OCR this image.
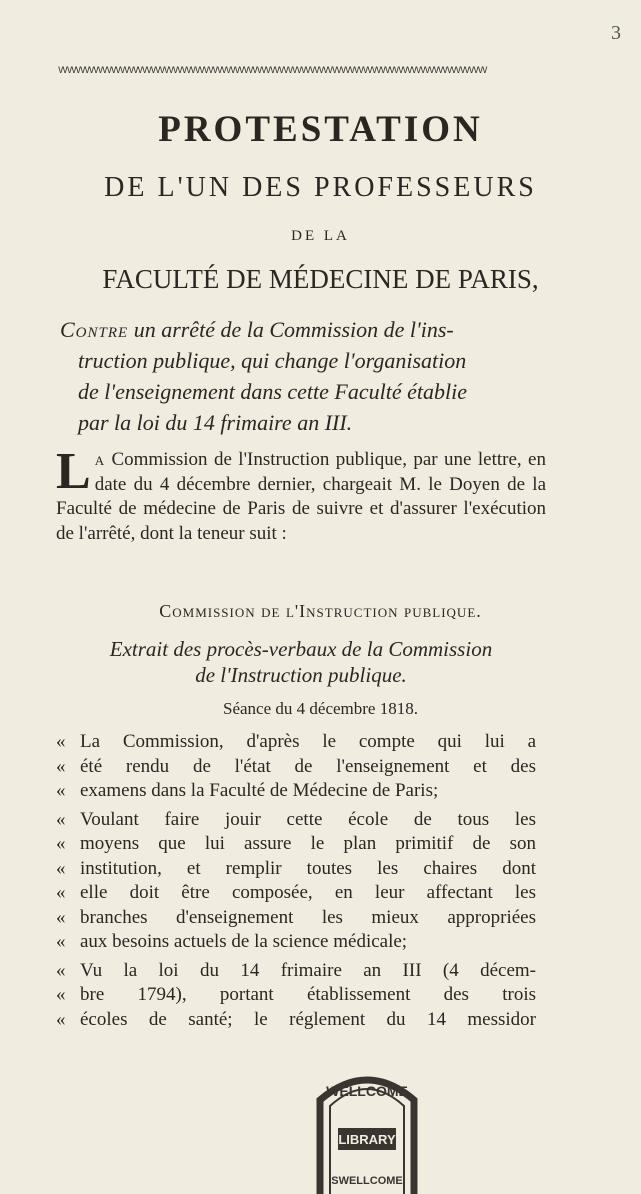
3
VVVVVVVVVVVVVVVVVVVVVVVVVVVVVVVVVVVVVVVVVVVVVVVVVVVVVVVVVVVVVVVVVVVVVVVVVVVVVVVVVVVVVVVVVVVVVVVVV
PROTESTATION
DE L'UN DES PROFESSEURS
DE LA
FACULTÉ DE MÉDECINE DE PARIS,
Contre un arrêté de la Commission de l'ins-
truction publique, qui change l'organisation
de l'enseignement dans cette Faculté établie
par la loi du 14 frimaire an III.
L a Commission de l'Instruction publique, par une lettre, en date du 4 décembre dernier, chargeait M. le Doyen de la Faculté de médecine de Paris de suivre et d'assurer l'exécution de l'arrêté, dont la teneur suit :
Commission de l'Instruction publique.
Extrait des procès-verbaux de la Commission
de l'Instruction publique.
Séance du 4 décembre 1818.
« La Commission, d'après le compte qui lui a
« été rendu de l'état de l'enseignement et des
« examens dans la Faculté de Médecine de Paris;
« Voulant faire jouir cette école de tous les
« moyens que lui assure le plan primitif de son
« institution, et remplir toutes les chaires dont
« elle doit être composée, en leur affectant les
« branches d'enseignement les mieux appropriées
« aux besoins actuels de la science médicale;
« Vu la loi du 14 frimaire an III (4 décem-
« bre 1794), portant établissement des trois
« écoles de santé; le réglement du 14 messidor
WELLCOME
LIBRARY
SWELLCOME
